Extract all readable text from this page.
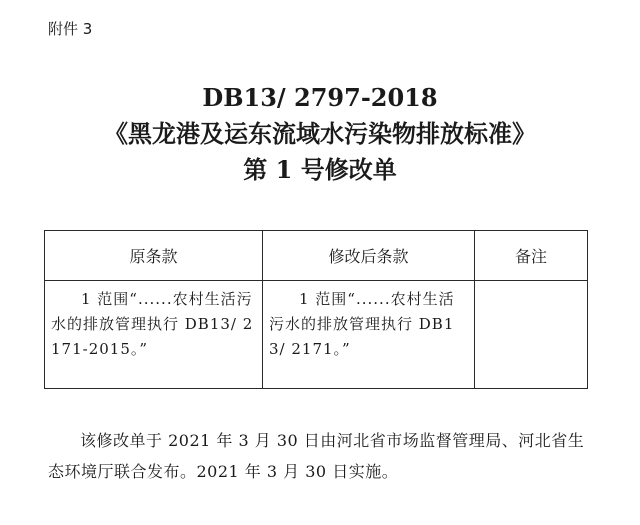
附件 3
DB13/ 2797-2018
《黑龙港及运东流域水污染物排放标准》
第 1 号修改单
原条款	修改后条款	备注

1 范围“......农村生活污水的排放管理执行 DB13/ 2171-2015。”	1 范围“......农村生活污水的排放管理执行 DB13/ 2171。”	

该修改单于 2021 年 3 月 30 日由河北省市场监督管理局、河北省生态环境厅联合发布。2021 年 3 月 30 日实施。
